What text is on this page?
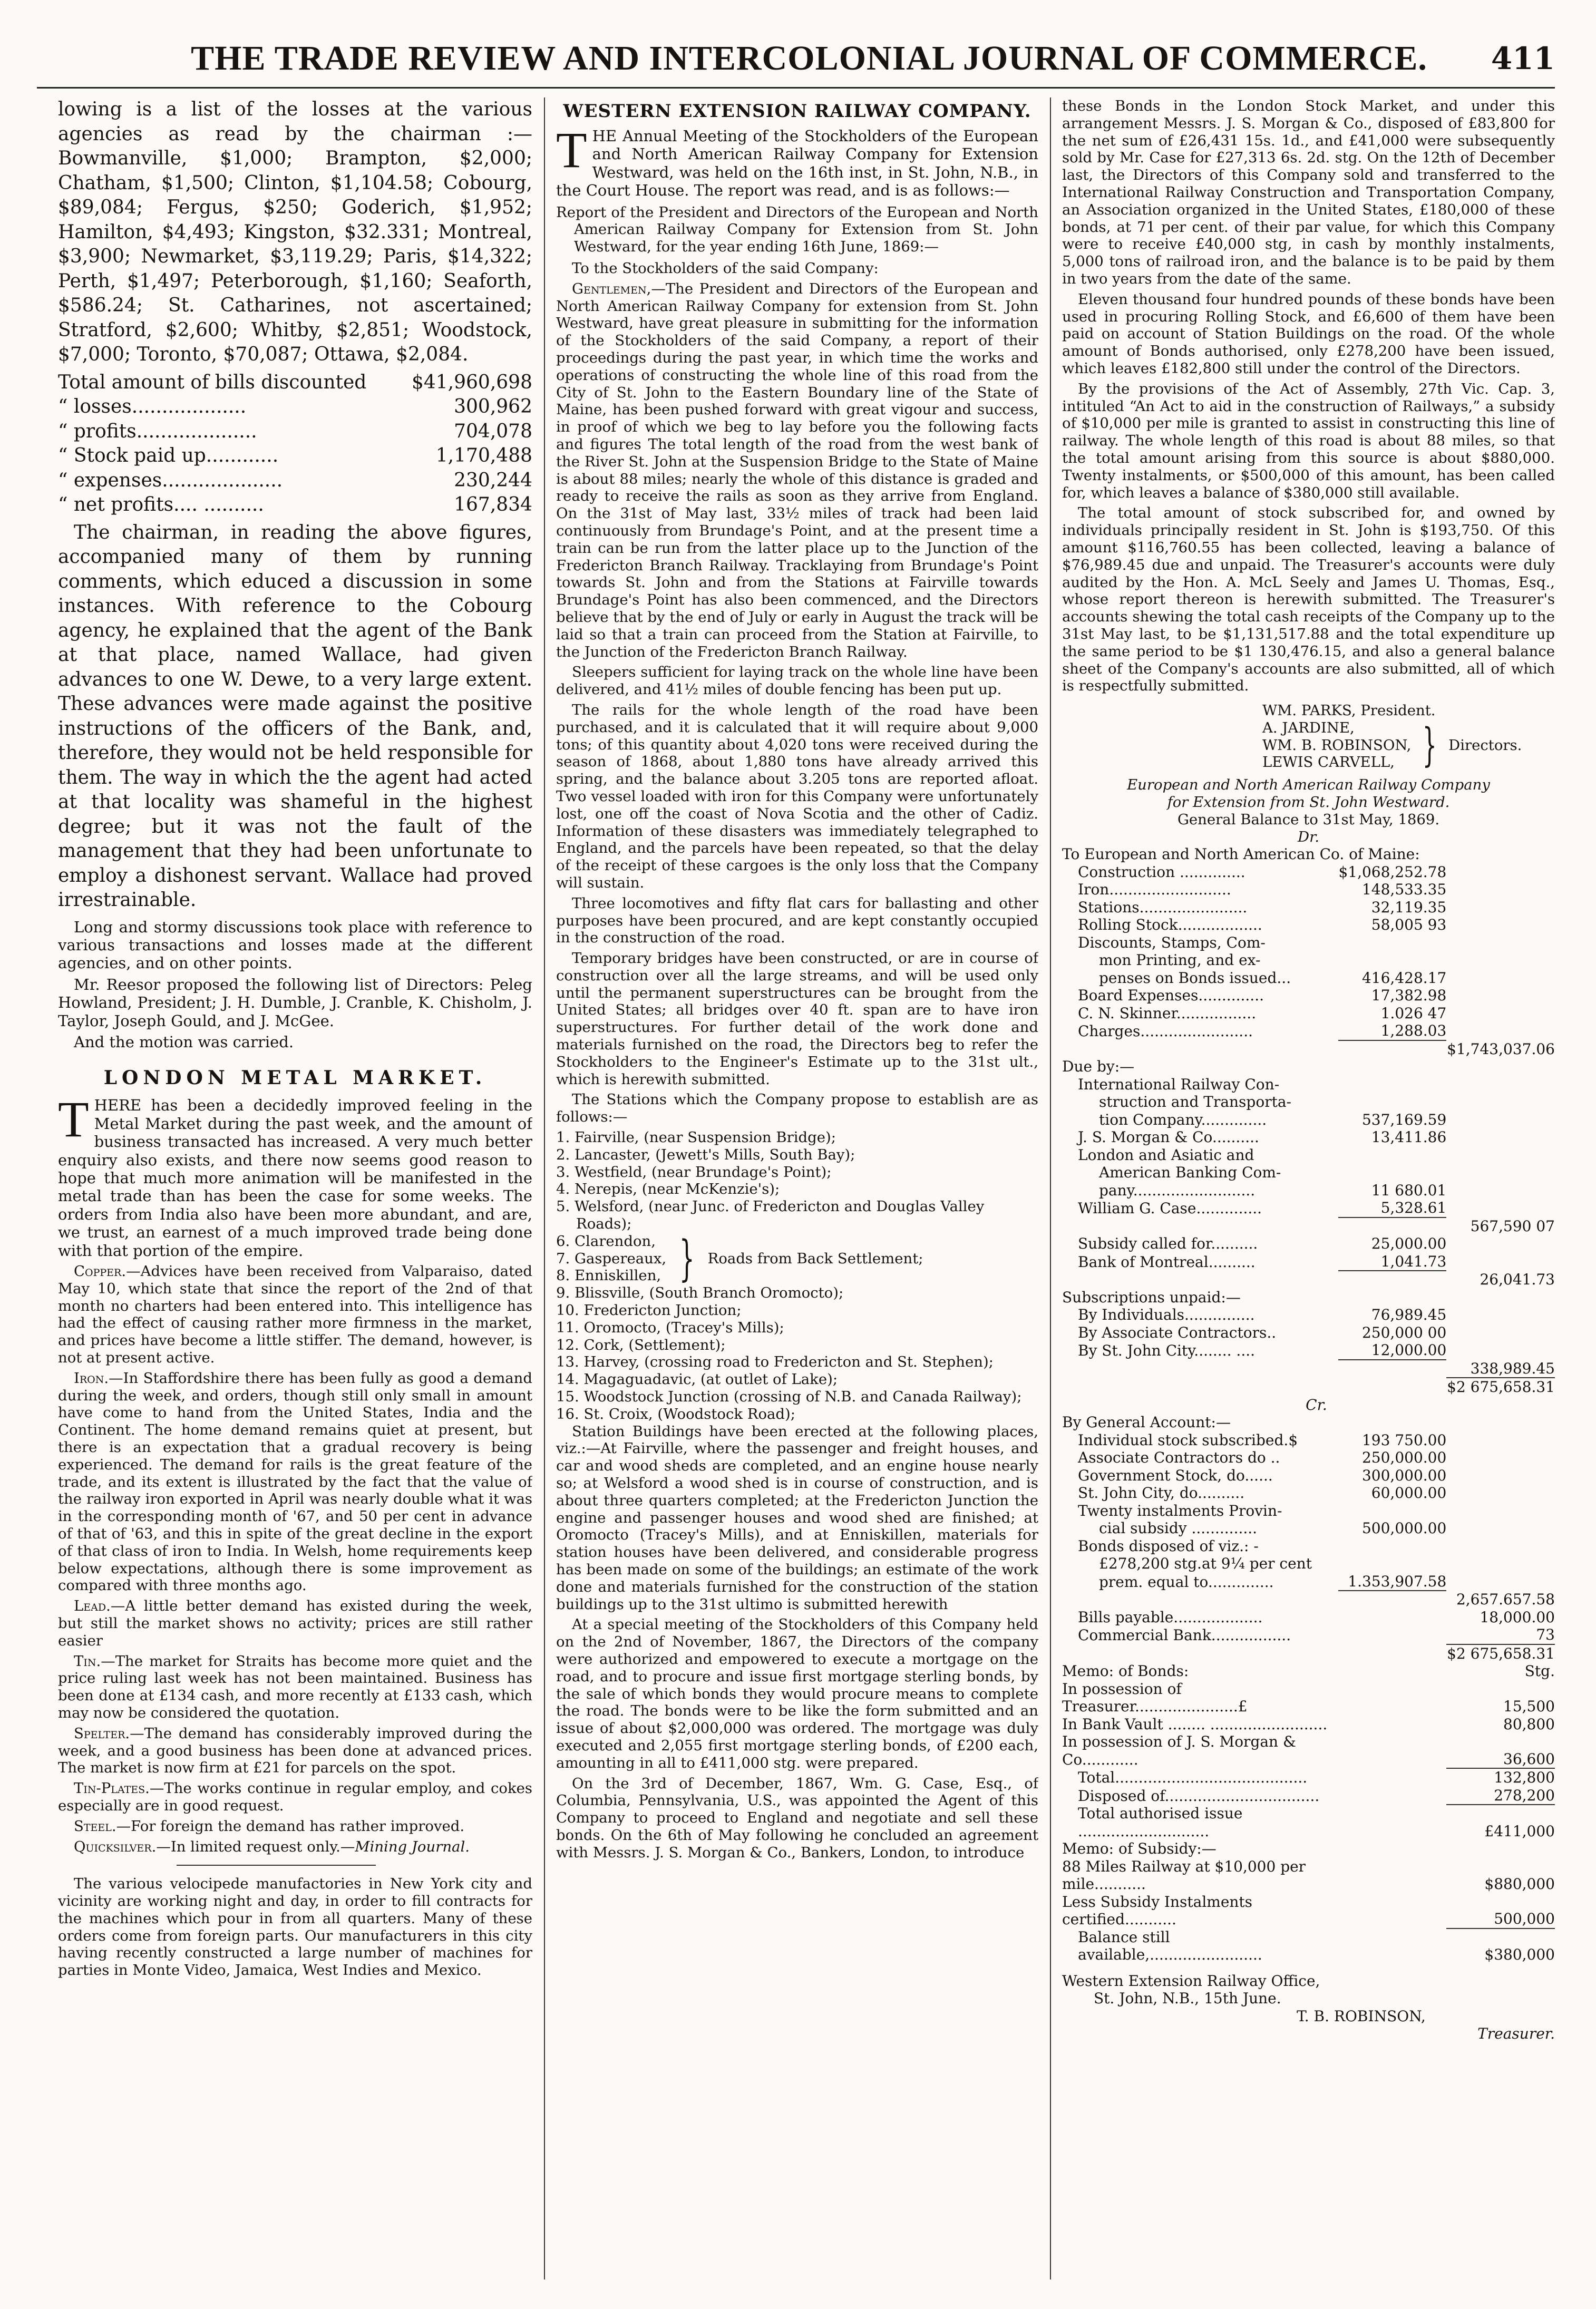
THE TRADE REVIEW AND INTERCOLONIAL JOURNAL OF COMMERCE.	411

lowing is a list of the losses at the various agencies as read by the chairman :—Bowmanville, $1,000; Brampton, $2,000; Chatham, $1,500; Clinton, $1,104.58; Cobourg, $89,084; Fergus, $250; Goderich, $1,952; Hamilton, $4,493; Kingston, $32.331; Montreal, $3,900; Newmarket, $3,119.29; Paris, $14,322; Perth, $1,497; Peterborough, $1,160; Seaforth, $586.24; St. Catharines, not ascertained; Stratford, $2,600; Whitby, $2,851; Woodstock, $7,000; Toronto, $70,087; Ottawa, $2,084.

Total amount of bills discounted	$41,960,698
“ losses...................	300,962
“ profits....................	704,078
“ Stock paid up............	1,170,488
“ expenses....................	230,244
“ net profits.... ..........	167,834

The chairman, in reading the above figures, accompanied many of them by running comments, which educed a discussion in some instances. With reference to the Cobourg agency, he explained that the agent of the Bank at that place, named Wallace, had given advances to one W. Dewe, to a very large extent. These advances were made against the positive instructions of the officers of the Bank, and, therefore, they would not be held responsible for them. The way in which the the agent had acted at that locality was shameful in the highest degree; but it was not the fault of the management that they had been unfortunate to employ a dishonest servant. Wallace had proved irrestrainable.

Long and stormy discussions took place with reference to various transactions and losses made at the different agencies, and on other points.

Mr. Reesor proposed the following list of Directors: Peleg Howland, President; J. H. Dumble, J. Cranble, K. Chisholm, J. Taylor, Joseph Gould, and J. McGee.

And the motion was carried.

LONDON METAL MARKET.

THERE has been a decidedly improved feeling in the Metal Market during the past week, and the amount of business transacted has increased. A very much better enquiry also exists, and there now seems good reason to hope that much more animation will be manifested in the metal trade than has been the case for some weeks. The orders from India also have been more abundant, and are, we trust, an earnest of a much improved trade being done with that portion of the empire.

Copper.—Advices have been received from Valparaiso, dated May 10, which state that since the report of the 2nd of that month no charters had been entered into. This intelligence has had the effect of causing rather more firmness in the market, and prices have become a little stiffer. The demand, however, is not at present active.

Iron.—In Staffordshire there has been fully as good a demand during the week, and orders, though still only small in amount have come to hand from the United States, India and the Continent. The home demand remains quiet at present, but there is an expectation that a gradual recovery is being experienced. The demand for rails is the great feature of the trade, and its extent is illustrated by the fact that the value of the railway iron exported in April was nearly double what it was in the corresponding month of '67, and 50 per cent in advance of that of '63, and this in spite of the great decline in the export of that class of iron to India. In Welsh, home requirements keep below expectations, although there is some improvement as compared with three months ago.

Lead.—A little better demand has existed during the week, but still the market shows no activity; prices are still rather easier

Tin.—The market for Straits has become more quiet and the price ruling last week has not been maintained. Business has been done at £134 cash, and more recently at £133 cash, which may now be considered the quotation.

Spelter.—The demand has considerably improved during the week, and a good business has been done at advanced prices. The market is now firm at £21 for parcels on the spot.

Tin-Plates.—The works continue in regular employ, and cokes especially are in good request.

Steel.—For foreign the demand has rather improved.

Quicksilver.—In limited request only.—Mining Journal.

The various velocipede manufactories in New York city and vicinity are working night and day, in order to fill contracts for the machines which pour in from all quarters. Many of these orders come from foreign parts. Our manufacturers in this city having recently constructed a large number of machines for parties in Monte Video, Jamaica, West Indies and Mexico.

WESTERN EXTENSION RAILWAY COMPANY.

THE Annual Meeting of the Stockholders of the European and North American Railway Company for Extension Westward, was held on the 16th inst, in St. John, N.B., in the Court House. The report was read, and is as follows:—

Report of the President and Directors of the European and North American Railway Company for Extension from St. John Westward, for the year ending 16th June, 1869:—

To the Stockholders of the said Company:

Gentlemen,—The President and Directors of the European and North American Railway Company for extension from St. John Westward, have great pleasure in submitting for the information of the Stockholders of the said Company, a report of their proceedings during the past year, in which time the works and operations of constructing the whole line of this road from the City of St. John to the Eastern Boundary line of the State of Maine, has been pushed forward with great vigour and success, in proof of which we beg to lay before you the following facts and figures The total length of the road from the west bank of the River St. John at the Suspension Bridge to the State of Maine is about 88 miles; nearly the whole of this distance is graded and ready to receive the rails as soon as they arrive from England. On the 31st of May last, 33½ miles of track had been laid continuously from Brundage's Point, and at the present time a train can be run from the latter place up to the Junction of the Fredericton Branch Railway. Tracklaying from Brundage's Point towards St. John and from the Stations at Fairville towards Brundage's Point has also been commenced, and the Directors believe that by the end of July or early in August the track will be laid so that a train can proceed from the Station at Fairville, to the Junction of the Fredericton Branch Railway.

Sleepers sufficient for laying track on the whole line have been delivered, and 41½ miles of double fencing has been put up.

The rails for the whole length of the road have been purchased, and it is calculated that it will require about 9,000 tons; of this quantity about 4,020 tons were received during the season of 1868, about 1,880 tons have already arrived this spring, and the balance about 3.205 tons are reported afloat. Two vessel loaded with iron for this Company were unfortunately lost, one off the coast of Nova Scotia and the other of Cadiz. Information of these disasters was immediately telegraphed to England, and the parcels have been repeated, so that the delay of the receipt of these cargoes is the only loss that the Company will sustain.

Three locomotives and fifty flat cars for ballasting and other purposes have been procured, and are kept constantly occupied in the construction of the road.

Temporary bridges have been constructed, or are in course of construction over all the large streams, and will be used only until the permanent superstructures can be brought from the United States; all bridges over 40 ft. span are to have iron superstructures. For further detail of the work done and materials furnished on the road, the Directors beg to refer the Stockholders to the Engineer's Estimate up to the 31st ult., which is herewith submitted.

The Stations which the Company propose to establish are as follows:—

1. Fairville, (near Suspension Bridge);
2. Lancaster, (Jewett's Mills, South Bay);
3. Westfield, (near Brundage's Point);
4. Nerepis, (near McKenzie's);
5. Welsford, (near Junc. of Fredericton and Douglas Valley Roads);
6. Clarendon,
7. Gaspereaux,
8. Enniskillen, } Roads from Back Settlement;
9. Blissville, (South Branch Oromocto);
10. Fredericton Junction;
11. Oromocto, (Tracey's Mills);
12. Cork, (Settlement);
13. Harvey, (crossing road to Fredericton and St. Stephen);
14. Magaguadavic, (at outlet of Lake);
15. Woodstock Junction (crossing of N.B. and Canada Railway);
16. St. Croix, (Woodstock Road);

Station Buildings have been erected at the following places, viz.:—At Fairville, where the passenger and freight houses, and car and wood sheds are completed, and an engine house nearly so; at Welsford a wood shed is in course of construction, and is about three quarters completed; at the Fredericton Junction the engine and passenger houses and wood shed are finished; at Oromocto (Tracey's Mills), and at Enniskillen, materials for station houses have been delivered, and considerable progress has been made on some of the buildings; an estimate of the work done and materials furnished for the construction of the station buildings up to the 31st ultimo is submitted herewith

At a special meeting of the Stockholders of this Company held on the 2nd of November, 1867, the Directors of the company were authorized and empowered to execute a mortgage on the road, and to procure and issue first mortgage sterling bonds, by the sale of which bonds they would procure means to complete the road. The bonds were to be like the form submitted and an issue of about $2,000,000 was ordered. The mortgage was duly executed and 2,055 first mortgage sterling bonds, of £200 each, amounting in all to £411,000 stg. were prepared.

On the 3rd of December, 1867, Wm. G. Case, Esq., of Columbia, Pennsylvania, U.S., was appointed the Agent of this Company to proceed to England and negotiate and sell these bonds. On the 6th of May following he concluded an agreement with Messrs. J. S. Morgan & Co., Bankers, London, to introduce

these Bonds in the London Stock Market, and under this arrangement Messrs. J. S. Morgan & Co., disposed of £83,800 for the net sum of £26,431 15s. 1d., and £41,000 were subsequently sold by Mr. Case for £27,313 6s. 2d. stg. On the 12th of December last, the Directors of this Company sold and transferred to the International Railway Construction and Transportation Company, an Association organized in the United States, £180,000 of these bonds, at 71 per cent. of their par value, for which this Company were to receive £40,000 stg, in cash by monthly instalments, 5,000 tons of railroad iron, and the balance is to be paid by them in two years from the date of the same.

Eleven thousand four hundred pounds of these bonds have been used in procuring Rolling Stock, and £6,600 of them have been paid on account of Station Buildings on the road. Of the whole amount of Bonds authorised, only £278,200 have been issued, which leaves £182,800 still under the control of the Directors.

By the provisions of the Act of Assembly, 27th Vic. Cap. 3, intituled “An Act to aid in the construction of Railways,” a subsidy of $10,000 per mile is granted to assist in constructing this line of railway. The whole length of this road is about 88 miles, so that the total amount arising from this source is about $880,000. Twenty instalments, or $500,000 of this amount, has been called for, which leaves a balance of $380,000 still available.

The total amount of stock subscribed for, and owned by individuals principally resident in St. John is $193,750. Of this amount $116,760.55 has been collected, leaving a balance of $76,989.45 due and unpaid. The Treasurer's accounts were duly audited by the Hon. A. McL Seely and James U. Thomas, Esq., whose report thereon is herewith submitted. The Treasurer's accounts shewing the total cash receipts of the Company up to the 31st May last, to be $1,131,517.88 and the total expenditure up the same period to be $1 130,476.15, and also a general balance sheet of the Company's accounts are also submitted, all of which is respectfully submitted.

WM. PARKS, President.
A. JARDINE,
WM. B. ROBINSON,
LEWIS CARVELL, } Directors.
European and North American Railway Company
for Extension from St. John Westward.
General Balance to 31st May, 1869.
Dr.
To European and North American Co. of Maine:
Construction ..............	$1,068,252.78	
Iron..........................	148,533.35	
Stations.......................	32,119.35	
Rolling Stock..................	58,005 93	
Discounts, Stamps, Com-		
mon Printing, and ex-		
penses on Bonds issued...	416,428.17	
Board Expenses..............	17,382.98	
C. N. Skinner.................	1.026 47	
Charges........................	1,288.03	
		$1,743,037.06
Due by:—		
International Railway Con-		
struction and Transporta-		
tion Company..............	537,169.59	
J. S. Morgan & Co..........	13,411.86	
London and Asiatic and		
American Banking Com-		
pany..........................	11 680.01	
William G. Case..............	5,328.61	
		567,590 07
Subsidy called for..........	25,000.00	
Bank of Montreal..........	1,041.73	
		26,041.73
Subscriptions unpaid:—		
By Individuals...............	76,989.45	
By Associate Contractors..	250,000 00	
By St. John City........ ....	12,000.00	
		338,989.45
		$2 675,658.31
Cr.		
By General Account:—		
Individual stock subscribed.$	193 750.00	
Associate Contractors do ..	250,000.00	
Government Stock, do......	300,000.00	
St. John City, do..........	60,000.00	
Twenty instalments Provin-		
cial subsidy ..............	500,000.00	
Bonds disposed of viz.: -		
£278,200 stg.at 9¼ per cent		
prem. equal to..............	1.353,907.58	
		2,657.657.58
Bills payable...................		18,000.00
Commercial Bank.................		73
		$2 675,658.31
Memo: of Bonds:		Stg.
In possession of Treasurer......................£		15,500
In Bank Vault ........ .........................		80,800
In possession of J. S. Morgan & Co............		36,600
Total.........................................		132,800
Disposed of.................................		278,200
Total authorised issue ............................		£411,000
Memo: of Subsidy:—		
88 Miles Railway at $10,000 per mile...........		$880,000
Less Subsidy Instalments certified...........		500,000
Balance still available,........................		$380,000
Western Extension Railway Office,
St. John, N.B., 15th June.
T. B. ROBINSON,
Treasurer.
